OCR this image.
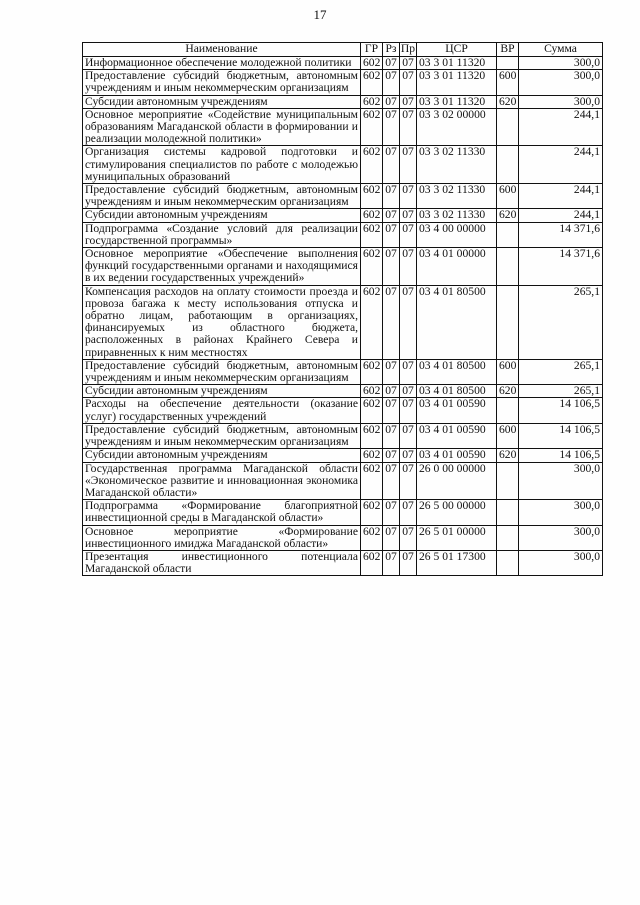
17
Наименование	ГР	Рз	Пр	ЦСР	ВР	Сумма
Информационное обеспечение молодежной политики	602	07	07	03 3 01 11320		300,0
Предоставление субсидий бюджетным, автономным учреждениям и иным некоммерческим организациям	602	07	07	03 3 01 11320	600	300,0
Субсидии автономным учреждениям	602	07	07	03 3 01 11320	620	300,0
Основное мероприятие «Содействие муниципальным образованиям Магаданской области в формировании и реализации молодежной политики»	602	07	07	03 3 02 00000		244,1
Организация системы кадровой подготовки и стимулирования специалистов по работе с молодежью муниципальных образований	602	07	07	03 3 02 11330		244,1
Предоставление субсидий бюджетным, автономным учреждениям и иным некоммерческим организациям	602	07	07	03 3 02 11330	600	244,1
Субсидии автономным учреждениям	602	07	07	03 3 02 11330	620	244,1
Подпрограмма «Создание условий для реализации государственной программы»	602	07	07	03 4 00 00000		14 371,6
Основное мероприятие «Обеспечение выполнения функций государственными органами и находящимися в их ведении государственных учреждений»	602	07	07	03 4 01 00000		14 371,6
Компенсация расходов на оплату стоимости проезда и провоза багажа к месту использования отпуска и обратно лицам, работающим в организациях, финансируемых из областного бюджета, расположенных в районах Крайнего Севера и приравненных к ним местностях	602	07	07	03 4 01 80500		265,1
Предоставление субсидий бюджетным, автономным учреждениям и иным некоммерческим организациям	602	07	07	03 4 01 80500	600	265,1
Субсидии автономным учреждениям	602	07	07	03 4 01 80500	620	265,1
Расходы на обеспечение деятельности (оказание услуг) государственных учреждений	602	07	07	03 4 01 00590		14 106,5
Предоставление субсидий бюджетным, автономным учреждениям и иным некоммерческим организациям	602	07	07	03 4 01 00590	600	14 106,5
Субсидии автономным учреждениям	602	07	07	03 4 01 00590	620	14 106,5
Государственная программа Магаданской области «Экономическое развитие и инновационная экономика Магаданской области»	602	07	07	26 0 00 00000		300,0
Подпрограмма «Формирование благоприятной инвестиционной среды в Магаданской области»	602	07	07	26 5 00 00000		300,0
Основное мероприятие «Формирование инвестиционного имиджа Магаданской области»	602	07	07	26 5 01 00000		300,0
Презентация инвестиционного потенциала Магаданской области	602	07	07	26 5 01 17300		300,0
